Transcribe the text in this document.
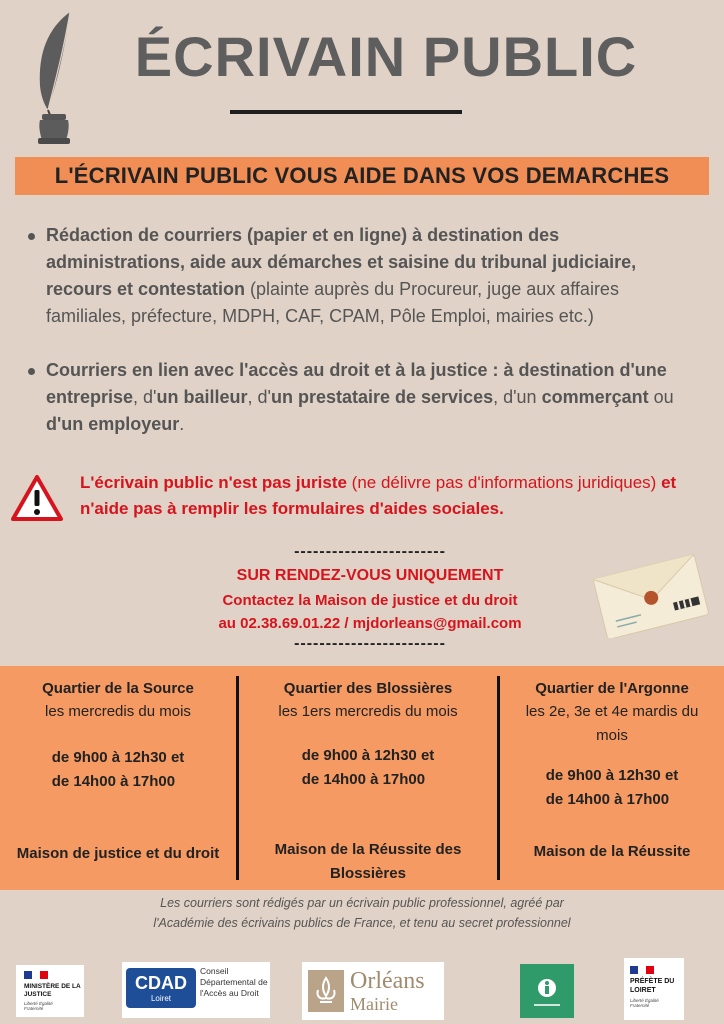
ÉCRIVAIN PUBLIC
L'ÉCRIVAIN PUBLIC VOUS AIDE DANS VOS DEMARCHES
Rédaction de courriers (papier et en ligne) à destination des administrations, aide aux démarches et saisine du tribunal judiciaire, recours et contestation (plainte auprès du Procureur, juge aux affaires familiales, préfecture, MDPH, CAF, CPAM, Pôle Emploi, mairies etc.)
Courriers en lien avec l'accès au droit et à la justice : à destination d'une entreprise, d'un bailleur, d'un prestataire de services, d'un commerçant ou d'un employeur.
L'écrivain public n'est pas juriste (ne délivre pas d'informations juridiques) et n'aide pas à remplir les formulaires d'aides sociales.
------------------------
SUR RENDEZ-VOUS UNIQUEMENT
Contactez la Maison de justice et du droit
au 02.38.69.01.22 / mjdorleans@gmail.com
------------------------
Quartier de la Source
les mercredis du mois
de 9h00 à 12h30 et
de 14h00 à 17h00
Maison de justice et du droit
Quartier des Blossières
les 1ers mercredis du mois
de 9h00 à 12h30 et
de 14h00 à 17h00
Maison de la Réussite des Blossières
Quartier de l'Argonne
les 2e, 3e et 4e mardis du mois
de 9h00 à 12h30 et
de 14h00 à 17h00
Maison de la Réussite
Les courriers sont rédigés par un écrivain public professionnel, agréé par l'Académie des écrivains publics de France, et tenu au secret professionnel
MINISTÈRE DE LA JUSTICE
Liberté Égalité Fraternité
CDAD
Loiret
Conseil Départemental de l'Accès au Droit	Orléans
Mairie
PRÉFÈTE DU LOIRET
Liberté Égalité Fraternité
